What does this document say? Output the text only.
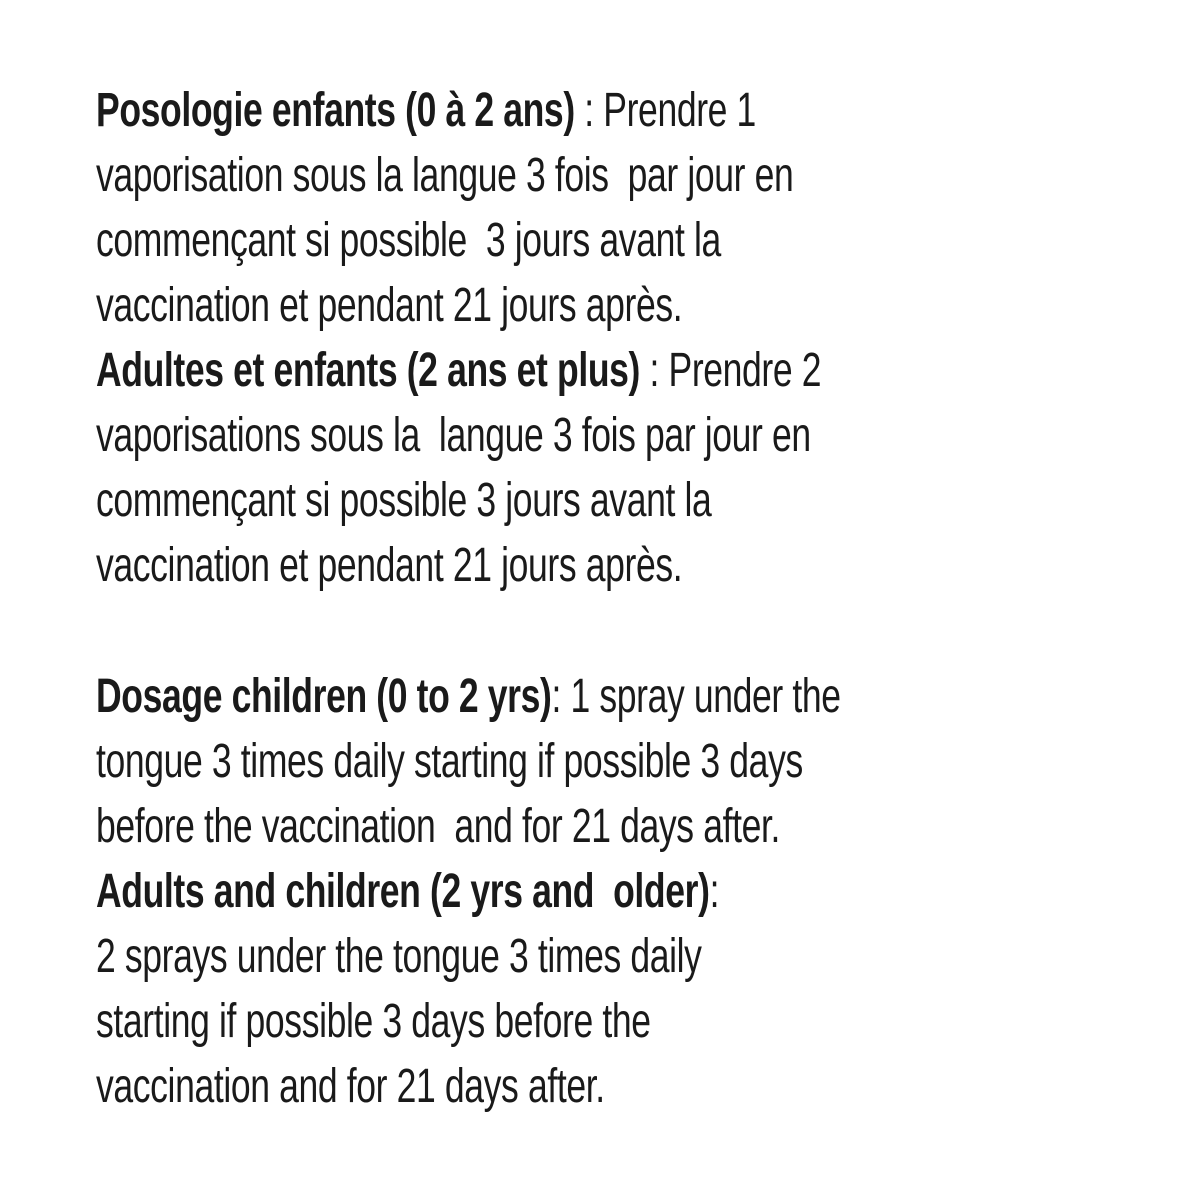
Posologie enfants (0 à 2 ans) : Prendre 1
vaporisation sous la langue 3 fois  par jour en
commençant si possible  3 jours avant la
vaccination et pendant 21 jours après.
Adultes et enfants (2 ans et plus) : Prendre 2
vaporisations sous la  langue 3 fois par jour en
commençant si possible 3 jours avant la
vaccination et pendant 21 jours après.
Dosage children (0 to 2 yrs): 1 spray under the
tongue 3 times daily starting if possible 3 days
before the vaccination  and for 21 days after.
Adults and children (2 yrs and  older):
2 sprays under the tongue 3 times daily
starting if possible 3 days before the
vaccination and for 21 days after.
